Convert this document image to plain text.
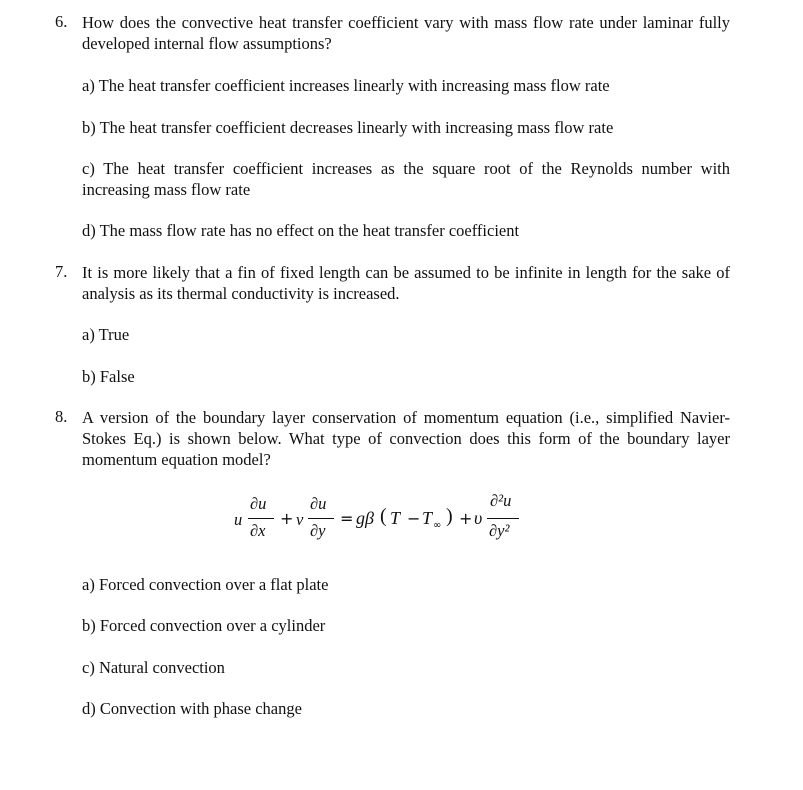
6. How does the convective heat transfer coefficient vary with mass flow rate under laminar fully developed internal flow assumptions?
a) The heat transfer coefficient increases linearly with increasing mass flow rate
b) The heat transfer coefficient decreases linearly with increasing mass flow rate
c) The heat transfer coefficient increases as the square root of the Reynolds number with increasing mass flow rate
d) The mass flow rate has no effect on the heat transfer coefficient
7. It is more likely that a fin of fixed length can be assumed to be infinite in length for the sake of analysis as its thermal conductivity is increased.
a) True
b) False
8. A version of the boundary layer conservation of momentum equation (i.e., simplified Navier-Stokes Eq.) is shown below. What type of convection does this form of the boundary layer momentum equation model?
u
∂u
∂x
+ v
∂u
∂y
= gβ ( T − T ∞ ) + υ
∂²u
∂y²
a) Forced convection over a flat plate
b) Forced convection over a cylinder
c) Natural convection
d) Convection with phase change
